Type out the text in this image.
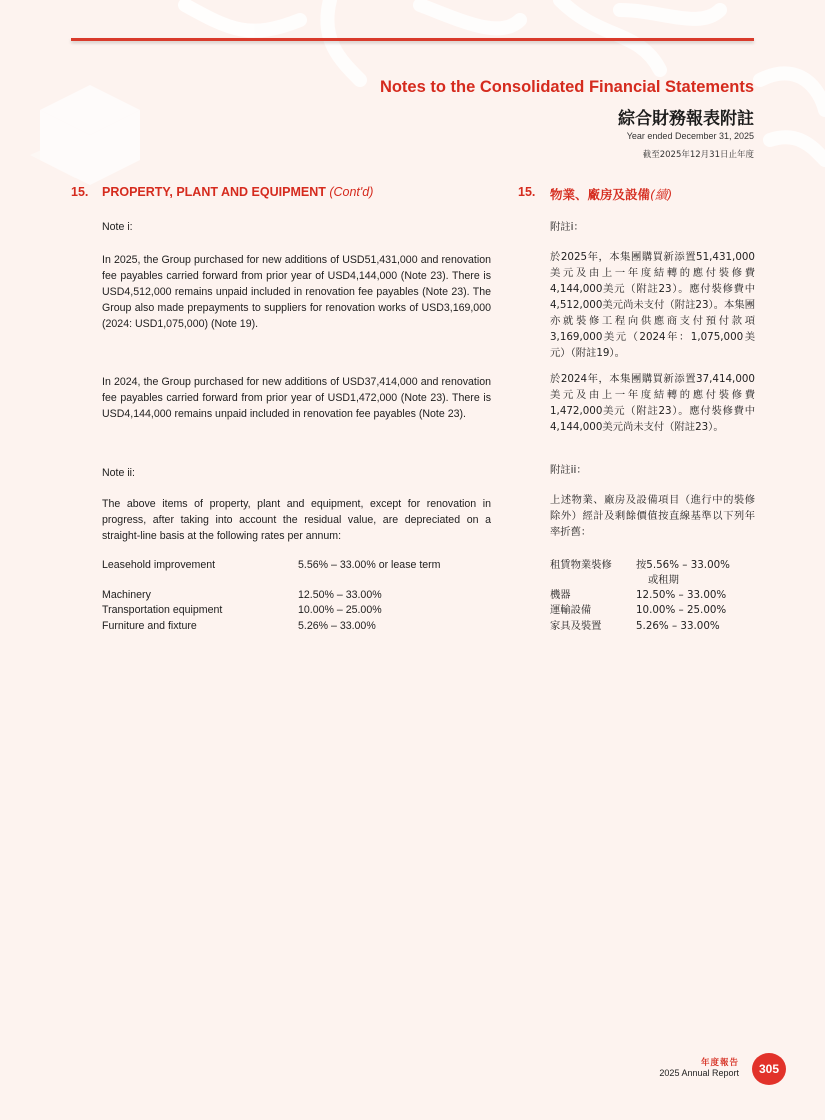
Notes to the Consolidated Financial Statements
綜合財務報表附註
Year ended December 31, 2025
截至2025年12月31日止年度
15. PROPERTY, PLANT AND EQUIPMENT (Cont'd)	15. 物業、廠房及設備(續)
Note i:	附註i：
In 2025, the Group purchased for new additions of USD51,431,000 and renovation fee payables carried forward from prior year of USD4,144,000 (Note 23). There is USD4,512,000 remains unpaid included in renovation fee payables (Note 23). The Group also made prepayments to suppliers for renovation works of USD3,169,000 (2024: USD1,075,000) (Note 19).
於2025年，本集團購買新添置51,431,000美元及由上一年度結轉的應付裝修費4,144,000美元（附註23）。應付裝修費中4,512,000美元尚未支付（附註23）。本集團亦就裝修工程向供應商支付預付款項3,169,000美元（2024年：1,075,000美元）（附註19）。
In 2024, the Group purchased for new additions of USD37,414,000 and renovation fee payables carried forward from prior year of USD1,472,000 (Note 23). There is USD4,144,000 remains unpaid included in renovation fee payables (Note 23).
於2024年，本集團購買新添置37,414,000美元及由上一年度結轉的應付裝修費1,472,000美元（附註23）。應付裝修費中4,144,000美元尚未支付（附註23）。
Note ii:	附註ii：
The above items of property, plant and equipment, except for renovation in progress, after taking into account the residual value, are depreciated on a straight-line basis at the following rates per annum:
上述物業、廠房及設備項目（進行中的裝修除外）經計及剩餘價值按直線基準以下列年率折舊：
Leasehold improvement	5.56% – 33.00% or lease term
Machinery	12.50% – 33.00%
Transportation equipment	10.00% – 25.00%
Furniture and fixture	5.26% – 33.00%
租賃物業裝修 按5.56% – 33.00%
或租期
機器	12.50% – 33.00%
運輸設備	10.00% – 25.00%
家具及裝置	5.26% – 33.00%
年度報告
2025 Annual Report	305
